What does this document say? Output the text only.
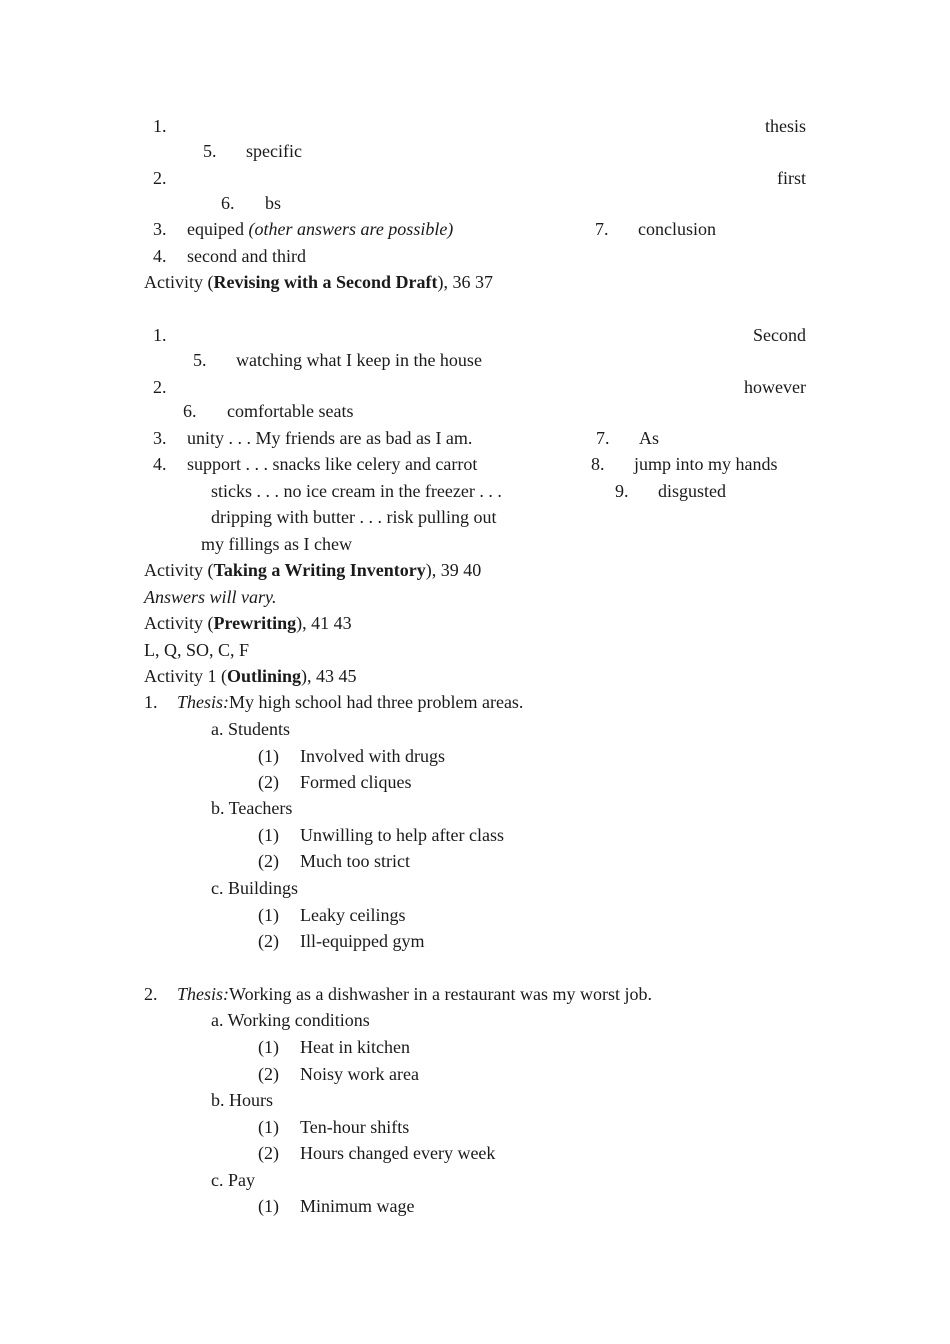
1.	thesis
5. specific
2.	first
6. bs
3. equiped (other answers are possible)	7. conclusion
4. second and third
Activity (Revising with a Second Draft), 36 37
1.	Second
5. watching what I keep in the house
2.	however
6. comfortable seats
3. unity . . . My friends are as bad as I am.	7. As
4. support . . . snacks like celery and carrot	8. jump into my hands
sticks . . . no ice cream in the freezer . . .	9. disgusted
dripping with butter . . . risk pulling out
my fillings as I chew
Activity (Taking a Writing Inventory), 39 40
Answers will vary.
Activity (Prewriting), 41 43
L, Q, SO, C, F
Activity 1 (Outlining), 43 45
1. Thesis:My high school had three problem areas.
a. Students
(1) Involved with drugs
(2) Formed cliques
b. Teachers
(1) Unwilling to help after class
(2) Much too strict
c. Buildings
(1) Leaky ceilings
(2) Ill-equipped gym
2. Thesis:Working as a dishwasher in a restaurant was my worst job.
a. Working conditions
(1) Heat in kitchen
(2) Noisy work area
b. Hours
(1) Ten-hour shifts
(2) Hours changed every week
c. Pay
(1) Minimum wage
